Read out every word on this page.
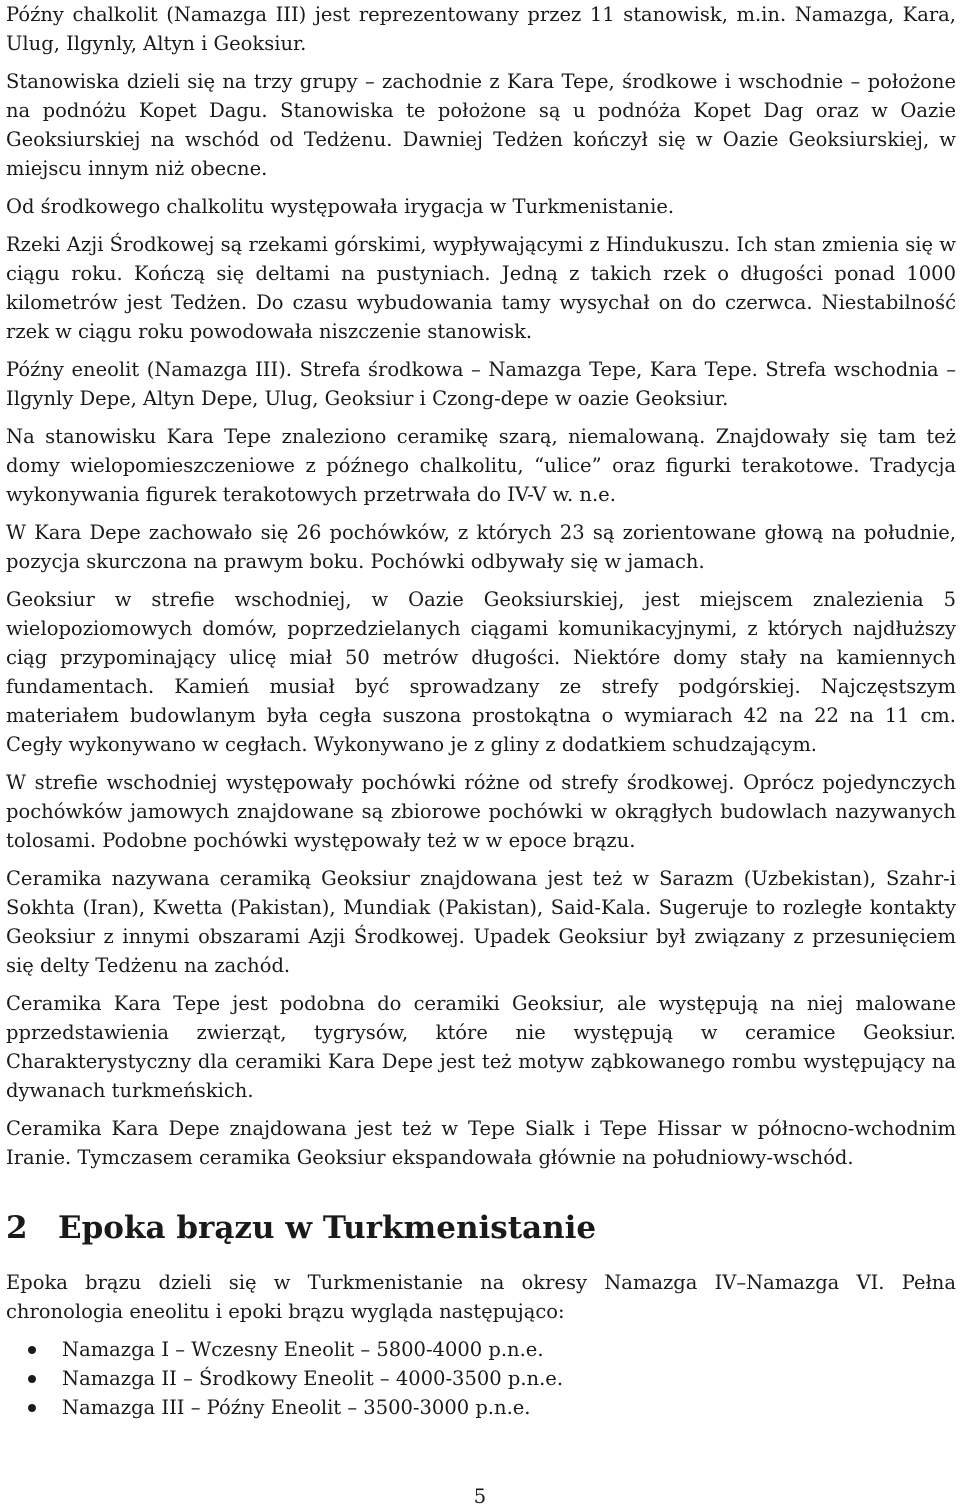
Późny chalkolit (Namazga III) jest reprezentowany przez 11 stanowisk, m.in. Namazga, Kara, Ulug, Ilgynly, Altyn i Geoksiur.

Stanowiska dzieli się na trzy grupy – zachodnie z Kara Tepe, środkowe i wschodnie – położone na podnóżu Kopet Dagu. Stanowiska te położone są u podnóża Kopet Dag oraz w Oazie Geoksiurskiej na wschód od Tedżenu. Dawniej Tedżen kończył się w Oazie Geoksiurskiej, w miejscu innym niż obecne.

Od środkowego chalkolitu występowała irygacja w Turkmenistanie.

Rzeki Azji Środkowej są rzekami górskimi, wypływającymi z Hindukuszu. Ich stan zmienia się w ciągu roku. Kończą się deltami na pustyniach. Jedną z takich rzek o długości ponad 1000 kilometrów jest Tedżen. Do czasu wybudowania tamy wysychał on do czerwca. Niestabilność rzek w ciągu roku powodowała niszczenie stanowisk.

Późny eneolit (Namazga III). Strefa środkowa – Namazga Tepe, Kara Tepe. Strefa wschodnia – Ilgynly Depe, Altyn Depe, Ulug, Geoksiur i Czong-depe w oazie Geoksiur.

Na stanowisku Kara Tepe znaleziono ceramikę szarą, niemalowaną. Znajdowały się tam też domy wielopomieszczeniowe z późnego chalkolitu, “ulice” oraz figurki terakotowe. Tradycja wykonywania figurek terakotowych przetrwała do IV-V w. n.e.

W Kara Depe zachowało się 26 pochówków, z których 23 są zorientowane głową na południe, pozycja skurczona na prawym boku. Pochówki odbywały się w jamach.

Geoksiur w strefie wschodniej, w Oazie Geoksiurskiej, jest miejscem znalezienia 5 wielopoziomowych domów, poprzedzielanych ciągami komunikacyjnymi, z których najdłuższy ciąg przypominający ulicę miał 50 metrów długości. Niektóre domy stały na kamiennych fundamentach. Kamień musiał być sprowadzany ze strefy podgórskiej. Najczęstszym materiałem budowlanym była cegła suszona prostokątna o wymiarach 42 na 22 na 11 cm. Cegły wykonywano w cegłach. Wykonywano je z gliny z dodatkiem schudzającym.

W strefie wschodniej występowały pochówki różne od strefy środkowej. Oprócz pojedynczych pochówków jamowych znajdowane są zbiorowe pochówki w okrągłych budowlach nazywanych tolosami. Podobne pochówki występowały też w w epoce brązu.

Ceramika nazywana ceramiką Geoksiur znajdowana jest też w Sarazm (Uzbekistan), Szahr-i Sokhta (Iran), Kwetta (Pakistan), Mundiak (Pakistan), Said-Kala. Sugeruje to rozległe kontakty Geoksiur z innymi obszarami Azji Środkowej. Upadek Geoksiur był związany z przesunięciem się delty Tedżenu na zachód.

Ceramika Kara Tepe jest podobna do ceramiki Geoksiur, ale występują na niej malowane pprzedstawienia zwierząt, tygrysów, które nie występują w ceramice Geoksiur. Charakterystyczny dla ceramiki Kara Depe jest też motyw ząbkowanego rombu występujący na dywanach turkmeńskich.

Ceramika Kara Depe znajdowana jest też w Tepe Sialk i Tepe Hissar w północno-wchodnim Iranie. Tymczasem ceramika Geoksiur ekspandowała głównie na południowy-wschód.

2 Epoka brązu w Turkmenistanie

Epoka brązu dzieli się w Turkmenistanie na okresy Namazga IV–Namazga VI. Pełna chronologia eneolitu i epoki brązu wygląda następująco:

Namazga I – Wczesny Eneolit – 5800-4000 p.n.e.
Namazga II – Środkowy Eneolit – 4000-3500 p.n.e.
Namazga III – Późny Eneolit – 3500-3000 p.n.e.
5
